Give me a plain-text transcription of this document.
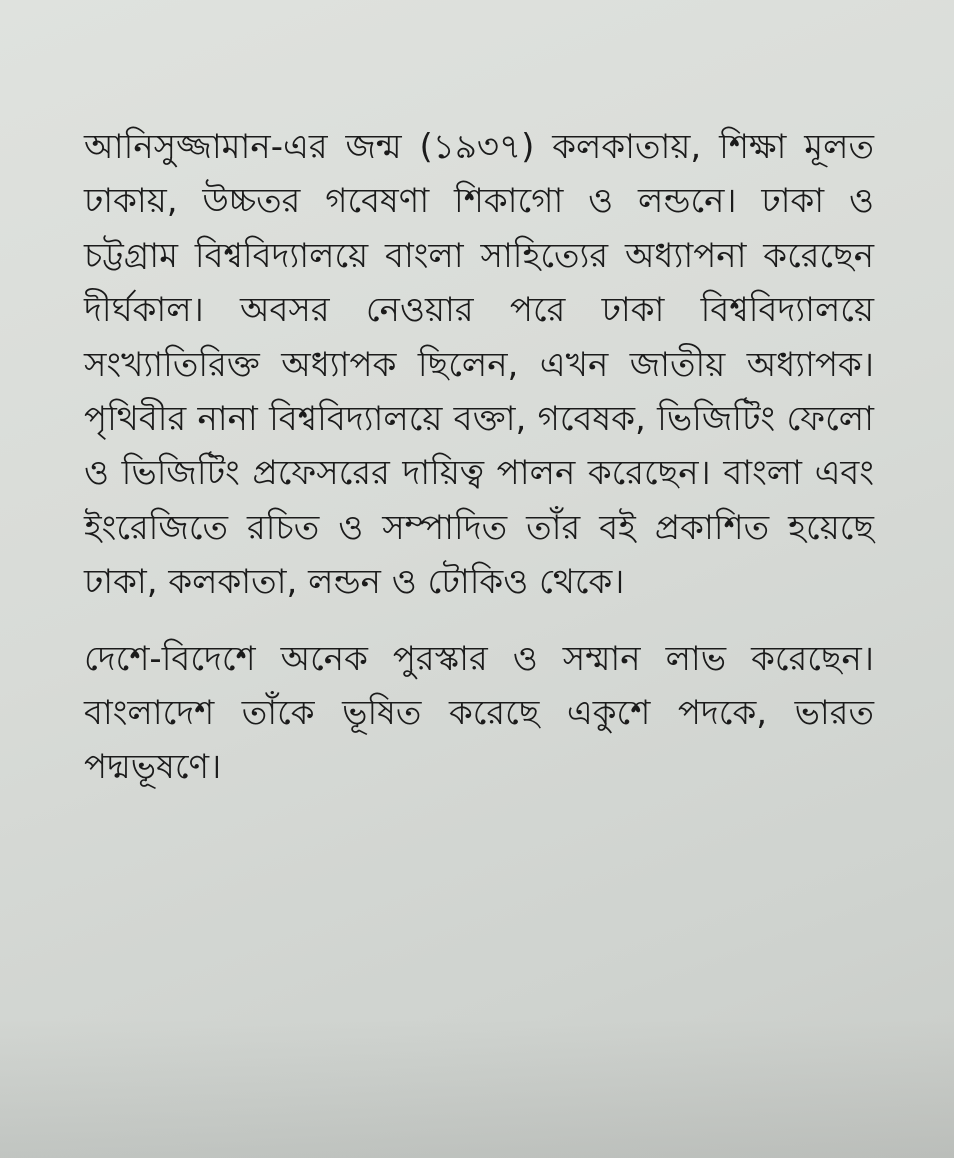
আনিসুজ্জামান-এর জন্ম (১৯৩৭) কলকাতায়, শিক্ষা মূলত ঢাকায়, উচ্চতর গবেষণা শিকাগো ও লন্ডনে। ঢাকা ও চট্টগ্রাম বিশ্ববিদ্যালয়ে বাংলা সাহিত্যের অধ্যাপনা করেছেন দীর্ঘকাল। অবসর নেওয়ার পরে ঢাকা বিশ্ববিদ্যালয়ে সংখ্যাতিরিক্ত অধ্যাপক ছিলেন, এখন জাতীয় অধ্যাপক। পৃথিবীর নানা বিশ্ববিদ্যালয়ে বক্তা, গবেষক, ভিজিটিং ফেলো ও ভিজিটিং প্রফেসরের দায়িত্ব পালন করেছেন। বাংলা এবং ইংরেজিতে রচিত ও সম্পাদিত তাঁর বই প্রকাশিত হয়েছে ঢাকা, কলকাতা, লন্ডন ও টোকিও থেকে।

দেশে-বিদেশে অনেক পুরস্কার ও সম্মান লাভ করেছেন। বাংলাদেশ তাঁকে ভূষিত করেছে একুশে পদকে, ভারত পদ্মভূষণে।
